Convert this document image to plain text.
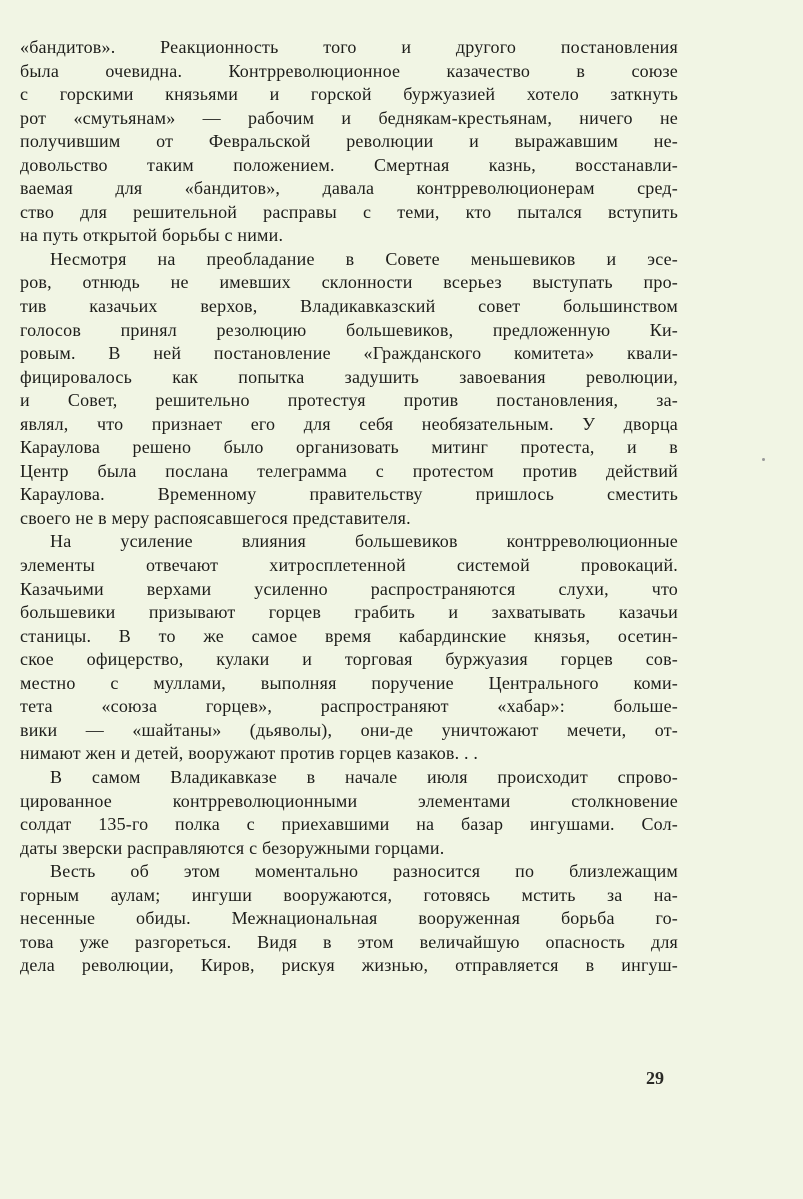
«бандитов». Реакционность того и другого постановления
была очевидна. Контрреволюционное казачество в союзе
с горскими князьями и горской буржуазией хотело заткнуть
рот «смутьянам» — рабочим и беднякам-крестьянам, ничего не
получившим от Февральской революции и выражавшим не-
довольство таким положением. Смертная казнь, восстанавли-
ваемая для «бандитов», давала контрреволюционерам сред-
ство для решительной расправы с теми, кто пытался вступить
на путь открытой борьбы с ними.
Несмотря на преобладание в Совете меньшевиков и эсе-
ров, отнюдь не имевших склонности всерьез выступать про-
тив казачьих верхов, Владикавказский совет большинством
голосов принял резолюцию большевиков, предложенную Ки-
ровым. В ней постановление «Гражданского комитета» квали-
фицировалось как попытка задушить завоевания революции,
и Совет, решительно протестуя против постановления, за-
являл, что признает его для себя необязательным. У дворца
Караулова решено было организовать митинг протеста, и в
Центр была послана телеграмма с протестом против действий
Караулова. Временному правительству пришлось сместить
своего не в меру распоясавшегося представителя.
На усиление влияния большевиков контрреволюционные
элементы отвечают хитросплетенной системой провокаций.
Казачьими верхами усиленно распространяются слухи, что
большевики призывают горцев грабить и захватывать казачьи
станицы. В то же самое время кабардинские князья, осетин-
ское офицерство, кулаки и торговая буржуазия горцев сов-
местно с муллами, выполняя поручение Центрального коми-
тета «союза горцев», распространяют «хабар»: больше-
вики — «шайтаны» (дьяволы), они-де уничтожают мечети, от-
нимают жен и детей, вооружают против горцев казаков. . .
В самом Владикавказе в начале июля происходит спрово-
цированное контрреволюционными элементами столкновение
солдат 135-го полка с приехавшими на базар ингушами. Сол-
даты зверски расправляются с безоружными горцами.
Весть об этом моментально разносится по близлежащим
горным аулам; ингуши вооружаются, готовясь мстить за на-
несенные обиды. Межнациональная вооруженная борьба го-
това уже разгореться. Видя в этом величайшую опасность для
дела революции, Киров, рискуя жизнью, отправляется в ингуш-
29
